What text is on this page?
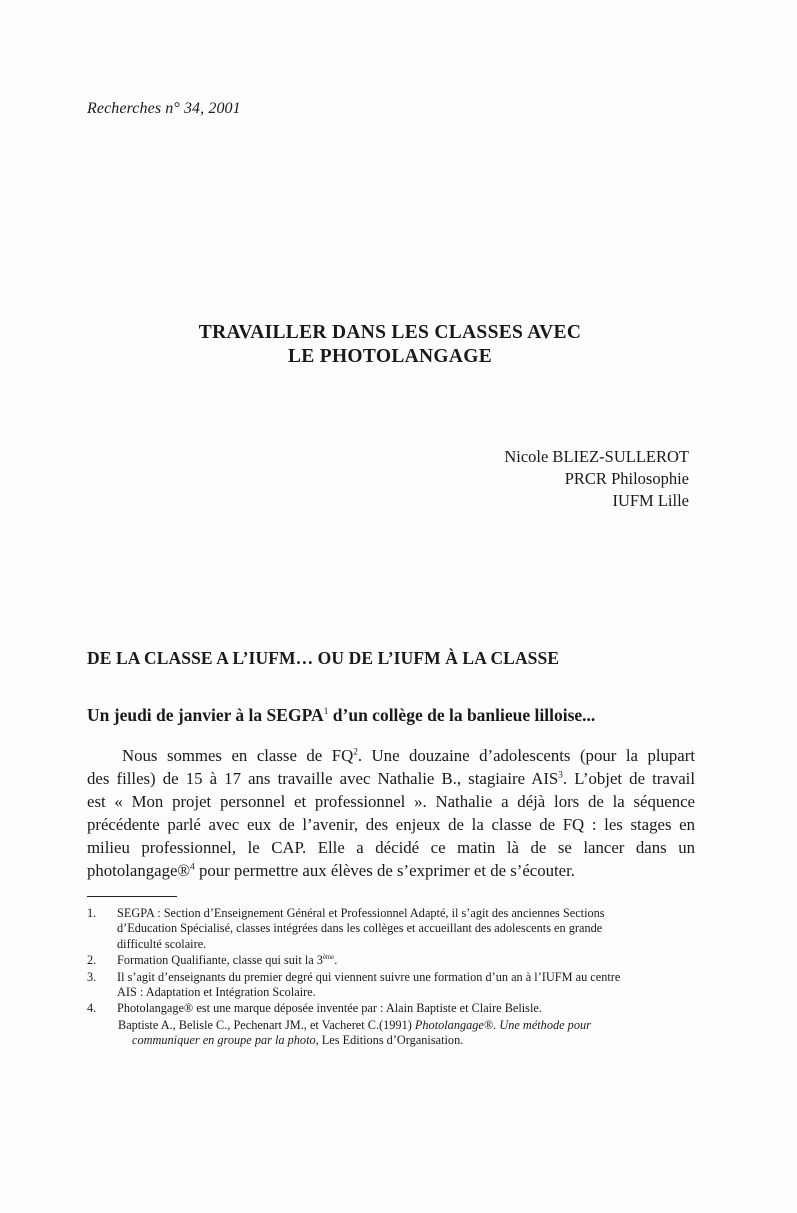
Recherches n° 34, 2001
TRAVAILLER DANS LES CLASSES AVEC
LE PHOTOLANGAGE
Nicole BLIEZ-SULLEROT
PRCR Philosophie
IUFM Lille
DE LA CLASSE A L’IUFM… OU DE L’IUFM À LA CLASSE
Un jeudi de janvier à la SEGPA$^1$ d’un collège de la banlieue lilloise...
Nous sommes en classe de $FQ^2$. Une douzaine d’adolescents (pour la plupart
des filles) de 15 à 17 ans travaille avec Nathalie B., stagiaire AIS$^3$. L’objet de travail
est « Mon projet personnel et professionnel ». Nathalie a déjà lors de la séquence
précédente parlé avec eux de l’avenir, des enjeux de la classe de FQ : les stages en
milieu professionnel, le CAP. Elle a décidé ce matin là de se lancer dans un
photolangage®$^4$ pour permettre aux élèves de s’exprimer et de s’écouter.
1. SEGPA : Section d’Enseignement Général et Professionnel Adapté, il s’agit des anciennes Sections
d’Education Spécialisé, classes intégrées dans les collèges et accueillant des adolescents en grande
difficulté scolaire.
2. Formation Qualifiante, classe qui suit la 3ème.
3. Il s’agit d’enseignants du premier degré qui viennent suivre une formation d’un an à l’IUFM au centre
AIS : Adaptation et Intégration Scolaire.
4. Photolangage® est une marque déposée inventée par : Alain Baptiste et Claire Belisle.
Baptiste A., Belisle C., Pechenart JM., et Vacheret C.(1991) Photolangage®. Une méthode pour
communiquer en groupe par la photo, Les Editions d’Organisation.
